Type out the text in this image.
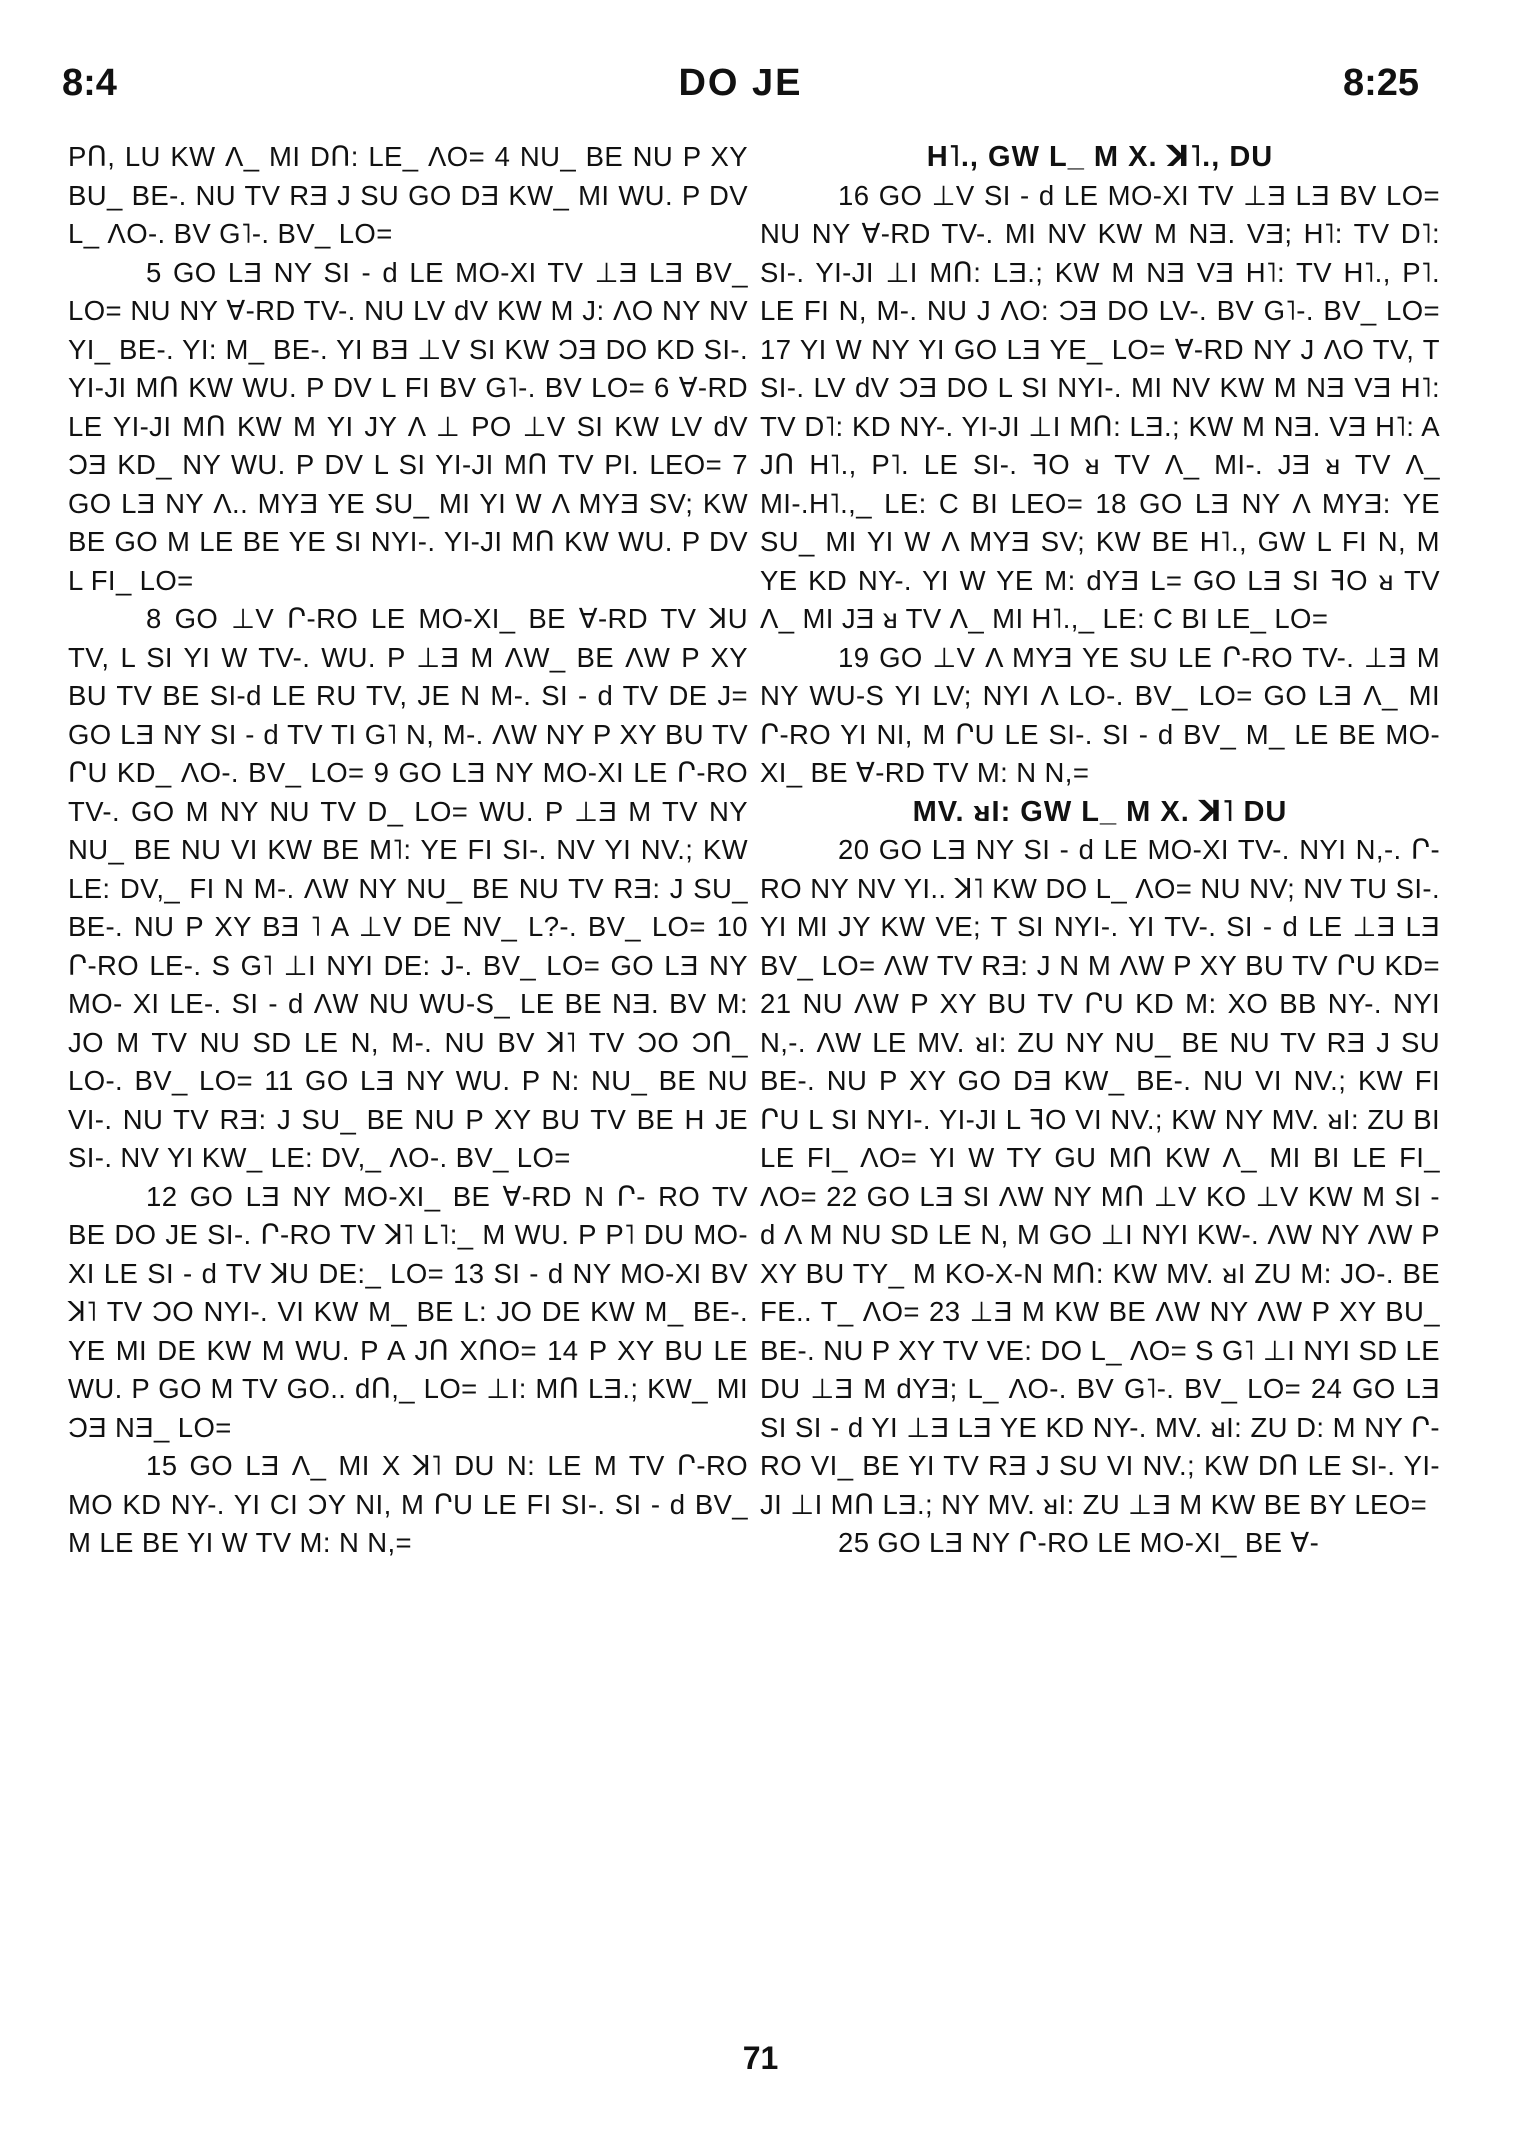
8:4	DO JE	8:25

PՈ, LU KW Λ_ MI DՈ: LE_ ΛO= 4 NU_ BE NU P XY BU_ BE-. NU TV RƎ J SU GO DƎ KW_ MI WU. P DV L_ ΛO-. BV G˥-. BV_ LO=

5 GO LƎ NY SI - d LE MO-XI TV ⊥Ǝ LƎ BV_ LO= NU NY ∀-RD TV-. NU LV dV KW M J: ΛO NY NV YI_ BE-. YI: M_ BE-. YI BƎ ⊥V SI KW ƆƎ DO KD SI-. YI-JI MՈ KW WU. P DV L FI BV G˥-. BV LO= 6 ∀-RD LE YI-JI MՈ KW M YI JY Λ ⊥ PO ⊥V SI KW LV dV ƆƎ KD_ NY WU. P DV L SI YI-JI MՈ TV PI. LEO= 7 GO LƎ NY Λ.. MYƎ YE SU_ MI YI W Λ MYƎ SV; KW BE GO M LE BE YE SI NYI-. YI-JI MՈ KW WU. P DV L FI_ LO=

8 GO ⊥V Ր-RO LE MO-XI_ BE ∀-RD TV ꓘU TV, L SI YI W TV-. WU. P ⊥Ǝ M ΛW_ BE ΛW P XY BU TV BE SI-d LE RU TV, JE N M-. SI - d TV DE J= GO LƎ NY SI - d TV TI G˥ N, M-. ΛW NY P XY BU TV ՐU KD_ ΛO-. BV_ LO= 9 GO LƎ NY MO-XI LE Ր-RO TV-. GO M NY NU TV D_ LO= WU. P ⊥Ǝ M TV NY NU_ BE NU VI KW BE M˥: YE FI SI-. NV YI NV.; KW LE: DV,_ FI N M-. ΛW NY NU_ BE NU TV RƎ: J SU_ BE-. NU P XY BƎ ˥ A ⊥V DE NV_ L?-. BV_ LO= 10 Ր-RO LE-. S G˥ ⊥I NYI DE: J-. BV_ LO= GO LƎ NY MO- XI LE-. SI - d ΛW NU WU-S_ LE BE NƎ. BV M: JO M TV NU SD LE N, M-. NU BV ꓘ˥ TV ƆO ƆՈ_ LO-. BV_ LO= 11 GO LƎ NY WU. P N: NU_ BE NU VI-. NU TV RƎ: J SU_ BE NU P XY BU TV BE H JE SI-. NV YI KW_ LE: DV,_ ΛO-. BV_ LO=

12 GO LƎ NY MO-XI_ BE ∀-RD N Ր- RO TV BE DO JE SI-. Ր-RO TV ꓘ˥ L˥:_ M WU. P P˥ DU MO-XI LE SI - d TV ꓘU DE:_ LO= 13 SI - d NY MO-XI BV ꓘ˥ TV ƆO NYI-. VI KW M_ BE L: JO DE KW M_ BE-. YE MI DE KW M WU. P A JՈ XՈO= 14 P XY BU LE WU. P GO M TV GO.. dՈ,_ LO= ⊥I: MՈ LƎ.; KW_ MI ƆƎ NƎ_ LO=

15 GO LƎ Λ_ MI X ꓘ˥ DU N: LE M TV Ր-RO MO KD NY-. YI CI ƆY NI, M ՐU LE FI SI-. SI - d BV_ M LE BE YI W TV M: N N,=

H˥., GW L_ M X. ꓘ˥., DU

16 GO ⊥V SI - d LE MO-XI TV ⊥Ǝ LƎ BV LO= NU NY ∀-RD TV-. MI NV KW M NƎ. VƎ; H˥: TV D˥: SI-. YI-JI ⊥I MՈ: LƎ.; KW M NƎ VƎ H˥: TV H˥., P˥. LE FI N, M-. NU J ΛO: ƆƎ DO LV-. BV G˥-. BV_ LO= 17 YI W NY YI GO LƎ YE_ LO= ∀-RD NY J ΛO TV, T SI-. LV dV ƆƎ DO L SI NYI-. MI NV KW M NƎ VƎ H˥: TV D˥: KD NY-. YI-JI ⊥I MՈ: LƎ.; KW M NƎ. VƎ H˥: A JՈ H˥., P˥. LE SI-. ꟻO ᴚ TV Λ_ MI-. JƎ ᴚ TV Λ_ MI-.H˥.,_ LE: C BI LEO= 18 GO LƎ NY Λ MYƎ: YE SU_ MI YI W Λ MYƎ SV; KW BE H˥., GW L FI N, M YE KD NY-. YI W YE M: dYƎ L= GO LƎ SI ꟻO ᴚ TV Λ_ MI JƎ ᴚ TV Λ_ MI H˥.,_ LE: C BI LE_ LO=

19 GO ⊥V Λ MYƎ YE SU LE Ր-RO TV-. ⊥Ǝ M NY WU-S YI LV; NYI Λ LO-. BV_ LO= GO LƎ Λ_ MI Ր-RO YI NI, M ՐU LE SI-. SI - d BV_ M_ LE BE MO-XI_ BE ∀-RD TV M: N N,=

MV. ᴚI: GW L_ M X. ꓘ˥ DU

20 GO LƎ NY SI - d LE MO-XI TV-. NYI N,-. Ր-RO NY NV YI.. ꓘ˥ KW DO L_ ΛO= NU NV; NV TU SI-. YI MI JY KW VE; T SI NYI-. YI TV-. SI - d LE ⊥Ǝ LƎ BV_ LO= ΛW TV RƎ: J N M ΛW P XY BU TV ՐU KD= 21 NU ΛW P XY BU TV ՐU KD M: XO BB NY-. NYI N,-. ΛW LE MV. ᴚI: ZU NY NU_ BE NU TV RƎ J SU BE-. NU P XY GO DƎ KW_ BE-. NU VI NV.; KW FI ՐU L SI NYI-. YI-JI L ꟻO VI NV.; KW NY MV. ᴚI: ZU BI LE FI_ ΛO= YI W TY GU MՈ KW Λ_ MI BI LE FI_ ΛO= 22 GO LƎ SI ΛW NY MՈ ⊥V KO ⊥V KW M SI - d Λ M NU SD LE N, M GO ⊥I NYI KW-. ΛW NY ΛW P XY BU TY_ M KO-X-N MՈ: KW MV. ᴚI ZU M: JO-. BE FE.. T_ ΛO= 23 ⊥Ǝ M KW BE ΛW NY ΛW P XY BU_ BE-. NU P XY TV VE: DO L_ ΛO= S G˥ ⊥I NYI SD LE DU ⊥Ǝ M dYƎ; L_ ΛO-. BV G˥-. BV_ LO= 24 GO LƎ SI SI - d YI ⊥Ǝ LƎ YE KD NY-. MV. ᴚI: ZU D: M NY Ր-RO VI_ BE YI TV RƎ J SU VI NV.; KW DՈ LE SI-. YI-JI ⊥I MՈ LƎ.; NY MV. ᴚI: ZU ⊥Ǝ M KW BE BY LEO=

25 GO LƎ NY Ր-RO LE MO-XI_ BE ∀-

71
